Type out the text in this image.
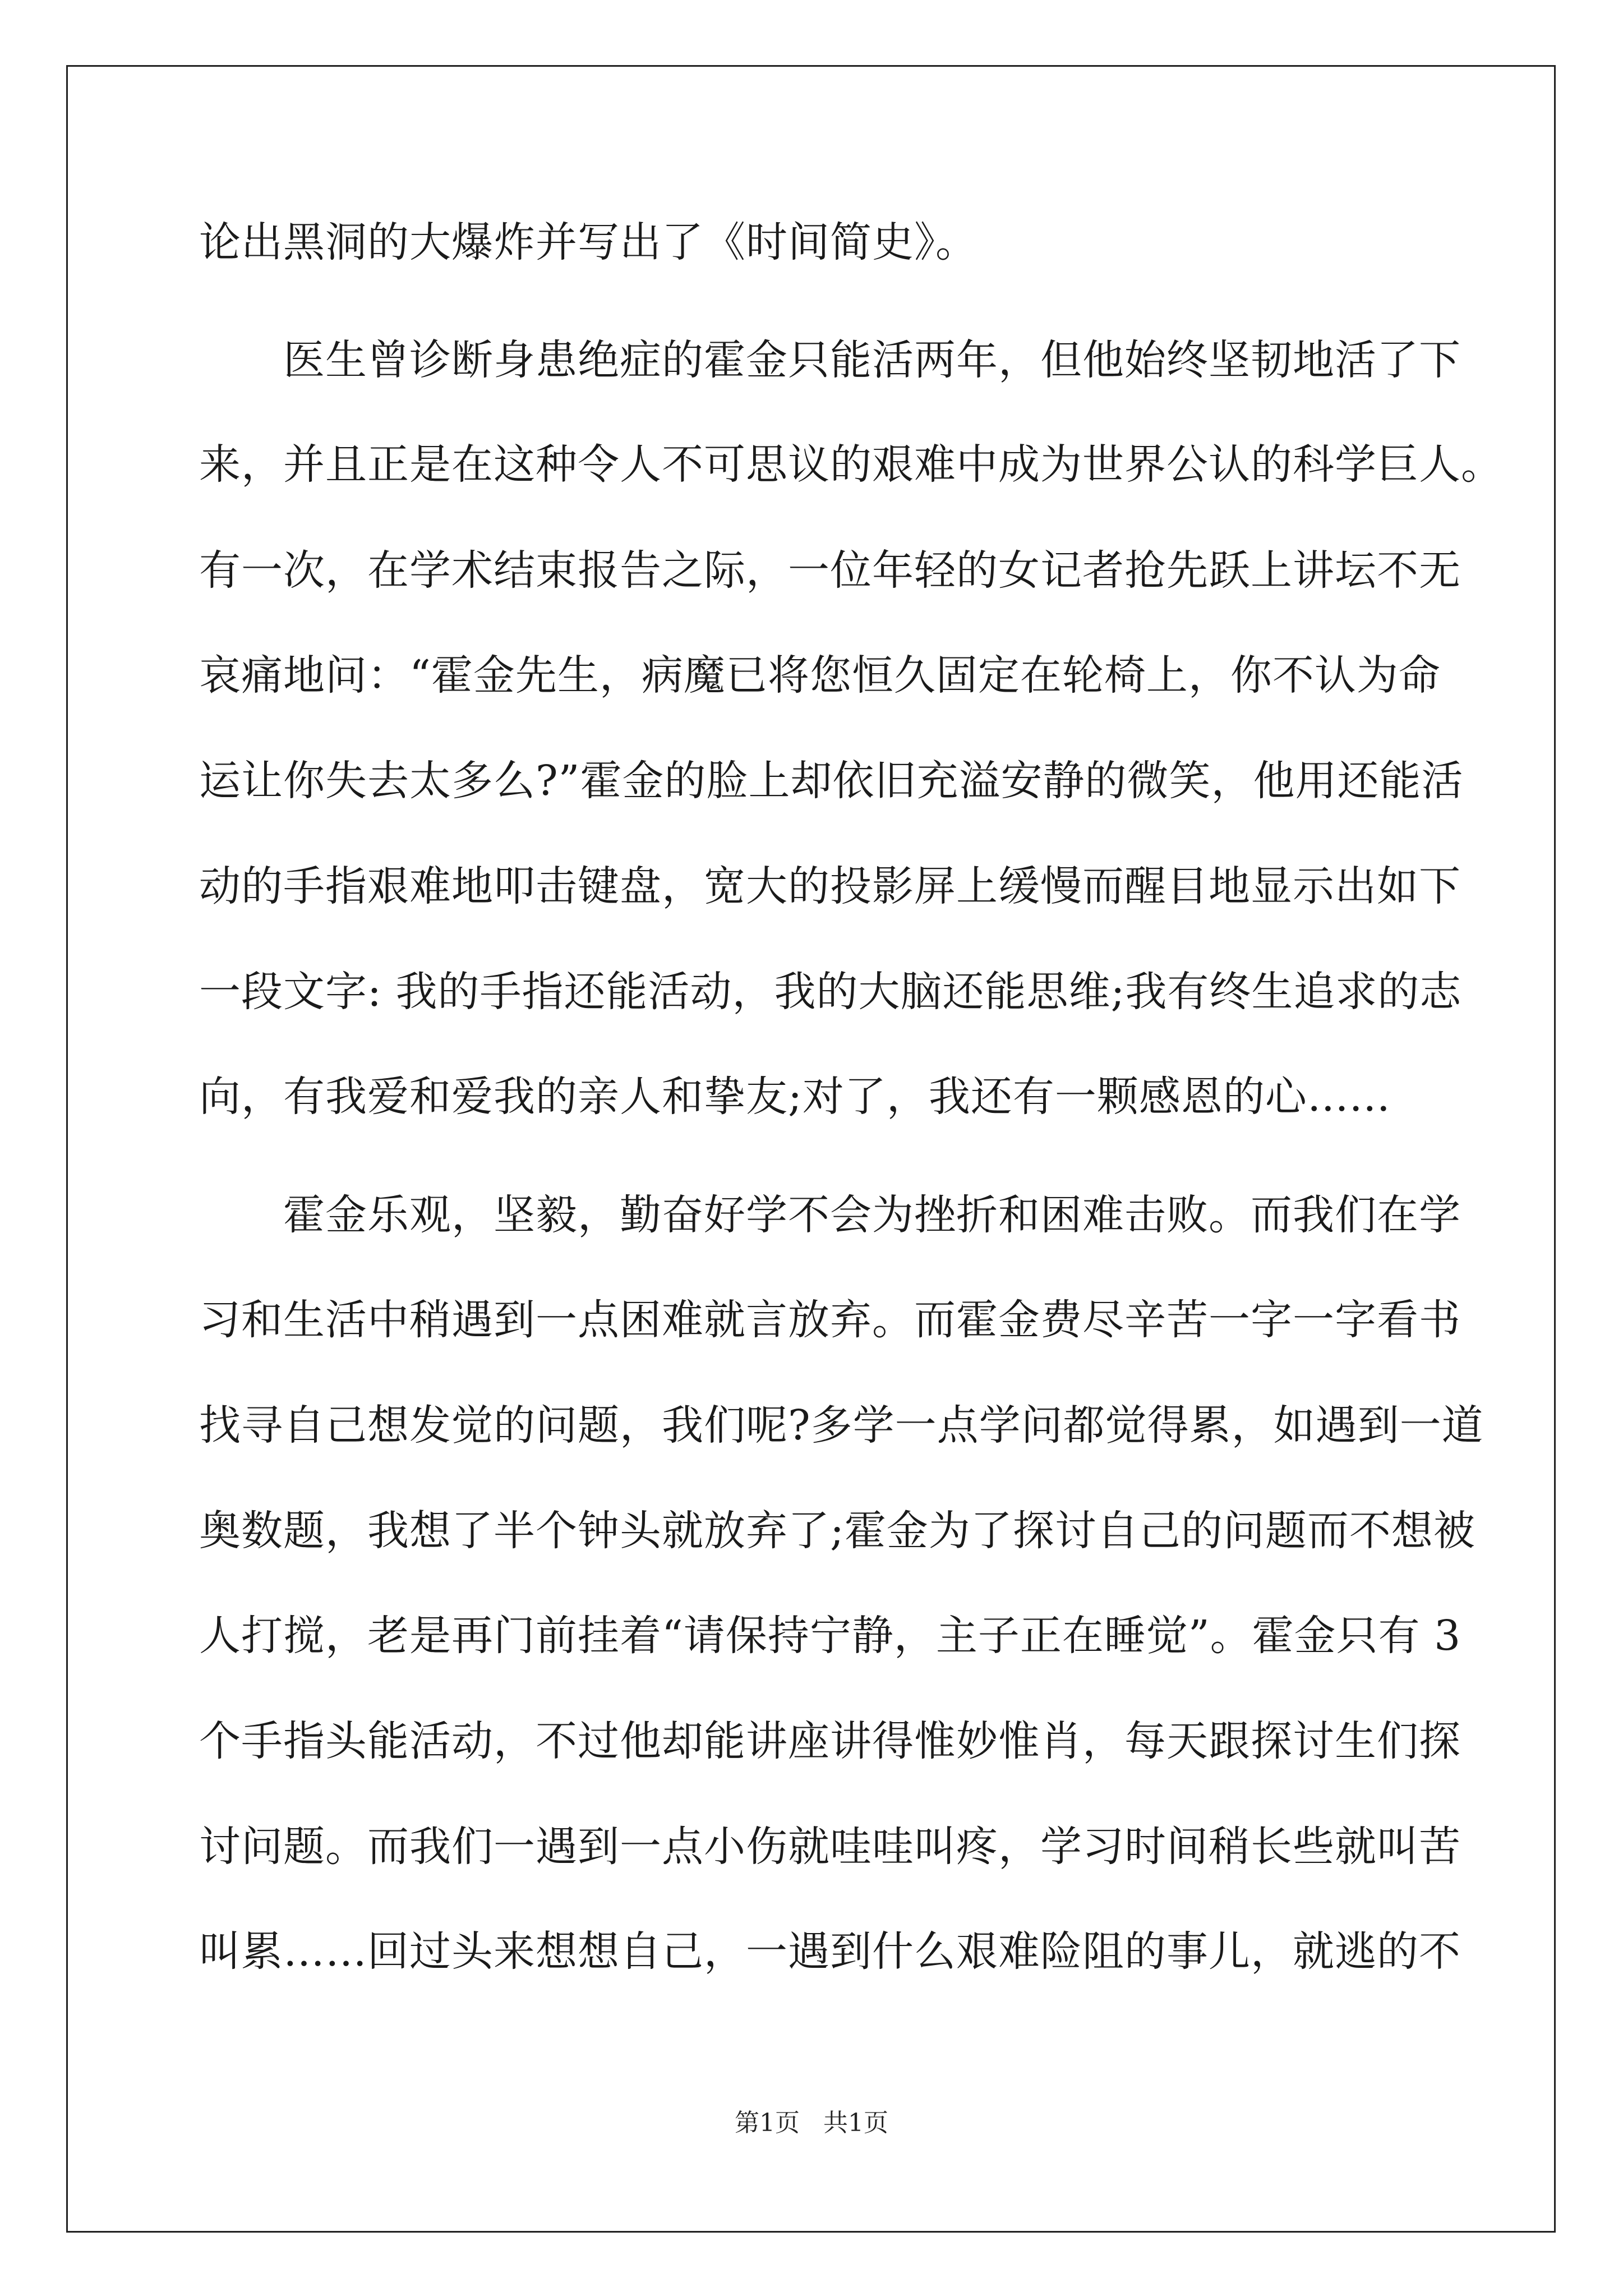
论出黑洞的大爆炸并写出了《时间简史》。

医生曾诊断身患绝症的霍金只能活两年，但他始终坚韧地活了下

来，并且正是在这种令人不可思议的艰难中成为世界公认的科学巨人。

有一次，在学术结束报告之际，一位年轻的女记者抢先跃上讲坛不无

哀痛地问：“霍金先生，病魔已将您恒久固定在轮椅上，你不认为命

运让你失去太多么?”霍金的脸上却依旧充溢安静的微笑，他用还能活

动的手指艰难地叩击键盘，宽大的投影屏上缓慢而醒目地显示出如下

一段文字: 我的手指还能活动，我的大脑还能思维;我有终生追求的志

向，有我爱和爱我的亲人和挚友;对了，我还有一颗感恩的心…...

霍金乐观，坚毅，勤奋好学不会为挫折和困难击败。而我们在学

习和生活中稍遇到一点困难就言放弃。而霍金费尽辛苦一字一字看书

找寻自己想发觉的问题，我们呢?多学一点学问都觉得累，如遇到一道

奥数题，我想了半个钟头就放弃了;霍金为了探讨自己的问题而不想被

人打搅，老是再门前挂着“请保持宁静，主子正在睡觉”。霍金只有 3

个手指头能活动，不过他却能讲座讲得惟妙惟肖，每天跟探讨生们探

讨问题。而我们一遇到一点小伤就哇哇叫疼，学习时间稍长些就叫苦

叫累……回过头来想想自己，一遇到什么艰难险阻的事儿，就逃的不

第1页   共1页
